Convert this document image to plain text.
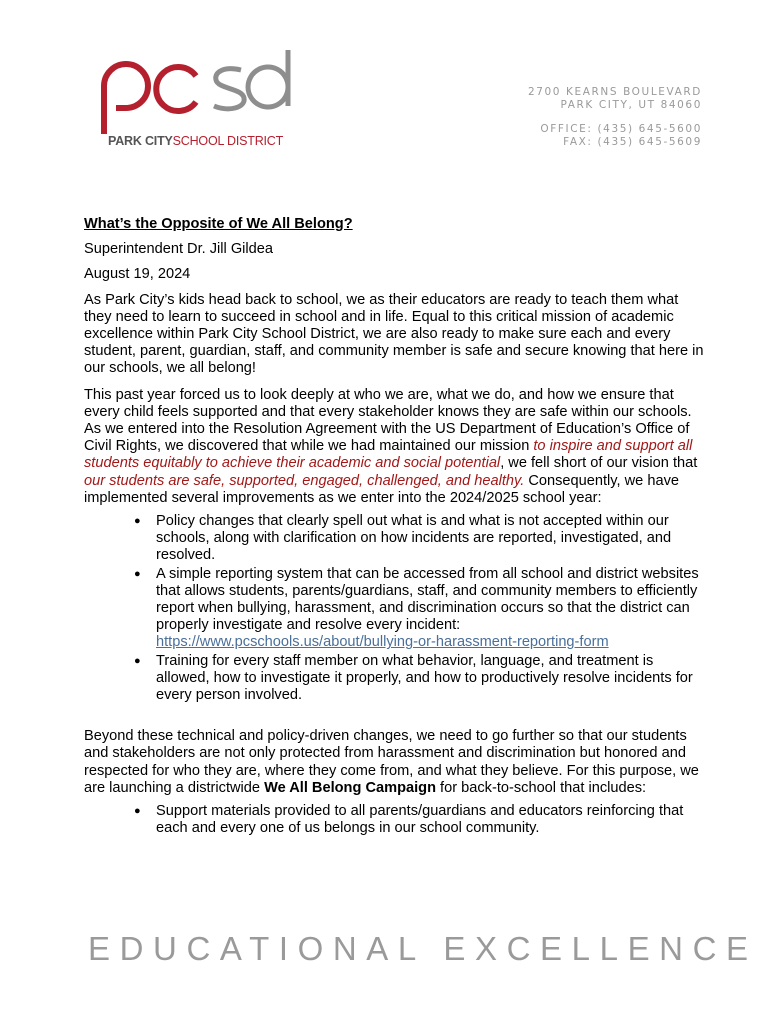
PARK CITYSCHOOL DISTRICT
2700 KEARNS BOULEVARD
PARK CITY, UT 84060
OFFICE: (435) 645-5600
FAX: (435) 645-5609
What’s the Opposite of We All Belong?
Superintendent Dr. Jill Gildea
August 19, 2024
As Park City’s kids head back to school, we as their educators are ready to teach them what they need to learn to succeed in school and in life. Equal to this critical mission of academic excellence within Park City School District, we are also ready to make sure each and every student, parent, guardian, staff, and community member is safe and secure knowing that here in our schools, we all belong!
This past year forced us to look deeply at who we are, what we do, and how we ensure that every child feels supported and that every stakeholder knows they are safe within our schools. As we entered into the Resolution Agreement with the US Department of Education’s Office of Civil Rights, we discovered that while we had maintained our mission to inspire and support all students equitably to achieve their academic and social potential, we fell short of our vision that our students are safe, supported, engaged, challenged, and healthy. Consequently, we have implemented several improvements as we enter into the 2024/2025 school year:
● Policy changes that clearly spell out what is and what is not accepted within our schools, along with clarification on how incidents are reported, investigated, and resolved.
● A simple reporting system that can be accessed from all school and district websites that allows students, parents/guardians, staff, and community members to efficiently report when bullying, harassment, and discrimination occurs so that the district can properly investigate and resolve every incident:
https://www.pcschools.us/about/bullying-or-harassment-reporting-form
● Training for every staff member on what behavior, language, and treatment is allowed, how to investigate it properly, and how to productively resolve incidents for every person involved.
Beyond these technical and policy-driven changes, we need to go further so that our students and stakeholders are not only protected from harassment and discrimination but honored and respected for who they are, where they come from, and what they believe. For this purpose, we are launching a districtwide We All Belong Campaign for back-to-school that includes:
● Support materials provided to all parents/guardians and educators reinforcing that each and every one of us belongs in our school community.
EDUCATIONAL EXCELLENCE
